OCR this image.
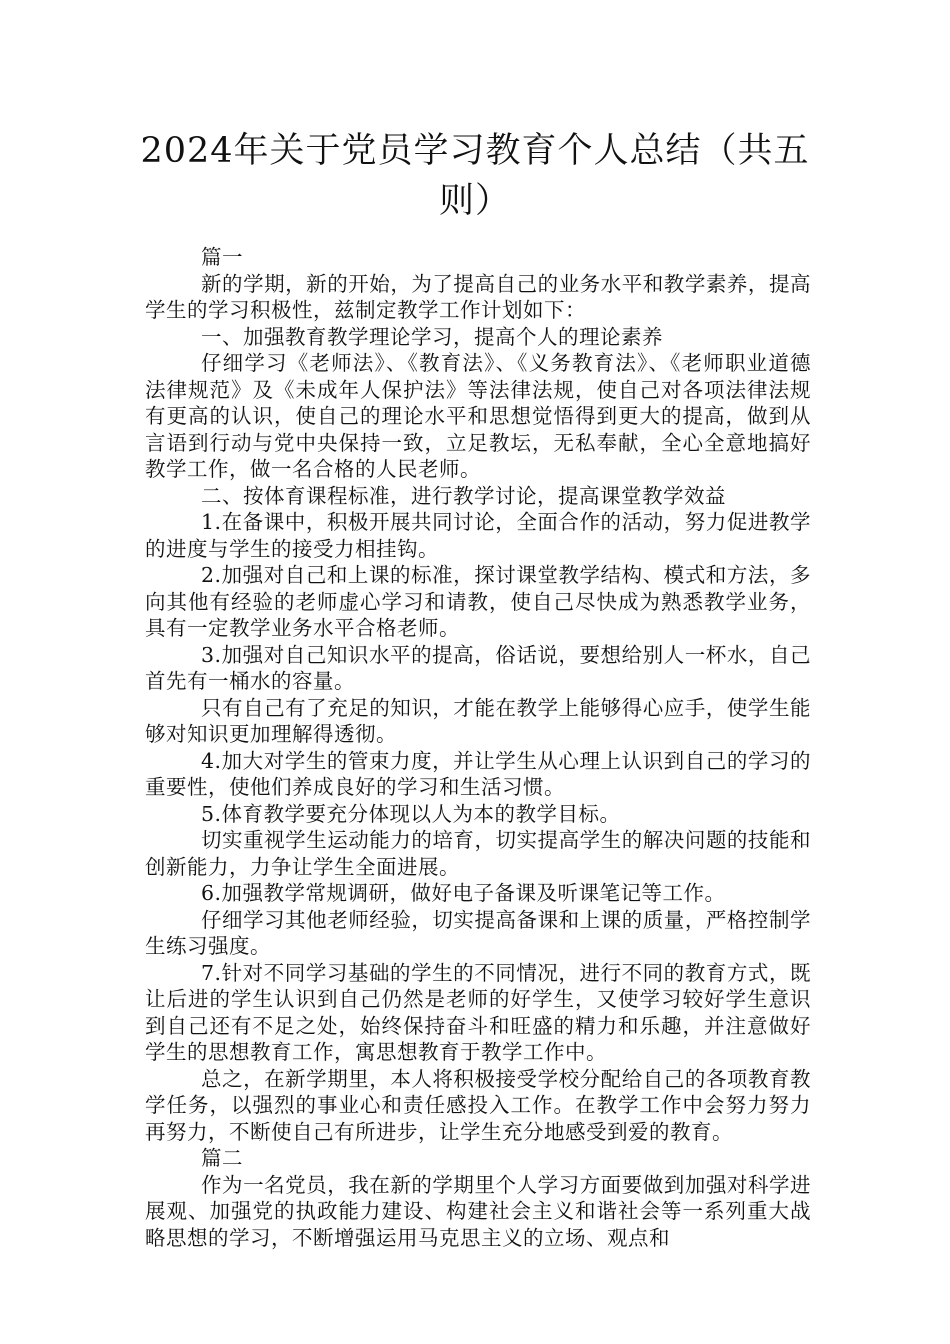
2024年关于党员学习教育个人总结（共五则）

篇一

新的学期，新的开始，为了提高自己的业务水平和教学素养，提高学生的学习积极性，兹制定教学工作计划如下：

一、加强教育教学理论学习，提高个人的理论素养

仔细学习《老师法》、《教育法》、《义务教育法》、《老师职业道德法律规范》及《未成年人保护法》等法律法规，使自己对各项法律法规有更高的认识，使自己的理论水平和思想觉悟得到更大的提高，做到从言语到行动与党中央保持一致，立足教坛，无私奉献，全心全意地搞好教学工作，做一名合格的人民老师。

二、按体育课程标准，进行教学讨论，提高课堂教学效益

1.在备课中，积极开展共同讨论，全面合作的活动，努力促进教学的进度与学生的接受力相挂钩。

2.加强对自己和上课的标准，探讨课堂教学结构、模式和方法，多向其他有经验的老师虚心学习和请教，使自己尽快成为熟悉教学业务，具有一定教学业务水平合格老师。

3.加强对自己知识水平的提高，俗话说，要想给别人一杯水，自己首先有一桶水的容量。

只有自己有了充足的知识，才能在教学上能够得心应手，使学生能够对知识更加理解得透彻。

4.加大对学生的管束力度，并让学生从心理上认识到自己的学习的重要性，使他们养成良好的学习和生活习惯。

5.体育教学要充分体现以人为本的教学目标。

切实重视学生运动能力的培育，切实提高学生的解决问题的技能和创新能力，力争让学生全面进展。

6.加强教学常规调研，做好电子备课及听课笔记等工作。

仔细学习其他老师经验，切实提高备课和上课的质量，严格控制学生练习强度。

7.针对不同学习基础的学生的不同情况，进行不同的教育方式，既让后进的学生认识到自己仍然是老师的好学生，又使学习较好学生意识到自己还有不足之处，始终保持奋斗和旺盛的精力和乐趣，并注意做好学生的思想教育工作，寓思想教育于教学工作中。

总之，在新学期里，本人将积极接受学校分配给自己的各项教育教学任务，以强烈的事业心和责任感投入工作。在教学工作中会努力努力再努力，不断使自己有所进步，让学生充分地感受到爱的教育。

篇二

作为一名党员，我在新的学期里个人学习方面要做到加强对科学进展观、加强党的执政能力建设、构建社会主义和谐社会等一系列重大战略思想的学习，不断增强运用马克思主义的立场、观点和
